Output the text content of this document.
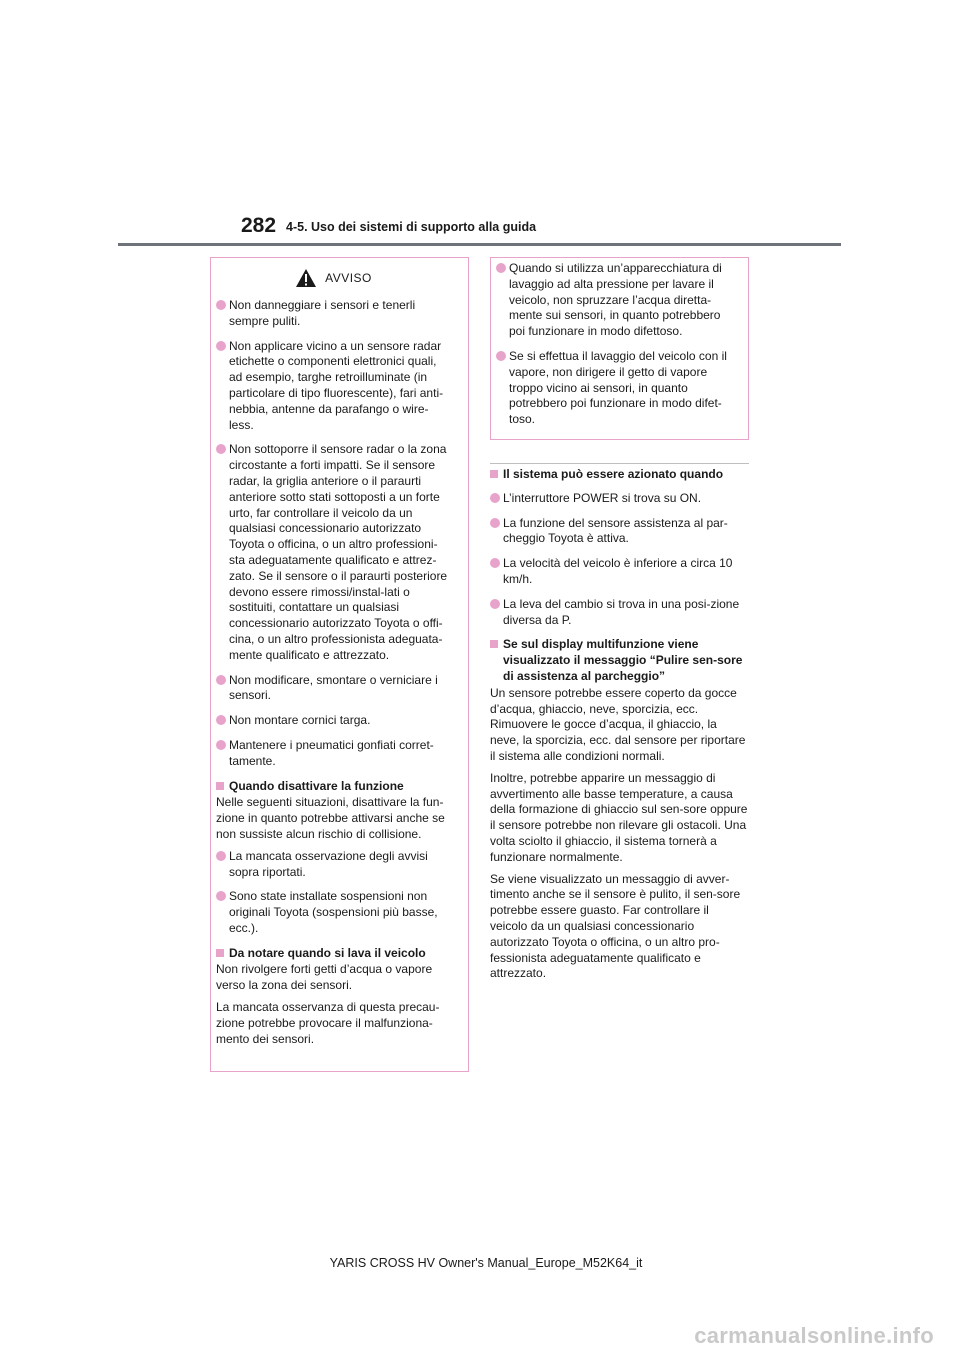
282 4-5. Uso dei sistemi di supporto alla guida
AVVISO
Non danneggiare i sensori e tenerli sempre puliti.
Non applicare vicino a un sensore radar etichette o componenti elettronici quali, ad esempio, targhe retroilluminate (in particolare di tipo fluorescente), fari anti-nebbia, antenne da parafango o wire-less.
Non sottoporre il sensore radar o la zona circostante a forti impatti. Se il sensore radar, la griglia anteriore o il paraurti anteriore sotto stati sottoposti a un forte urto, far controllare il veicolo da un qualsiasi concessionario autorizzato Toyota o officina, o un altro professioni-sta adeguatamente qualificato e attrez-zato. Se il sensore o il paraurti posteriore devono essere rimossi/instal-lati o sostituiti, contattare un qualsiasi concessionario autorizzato Toyota o offi-cina, o un altro professionista adeguata-mente qualificato e attrezzato.
Non modificare, smontare o verniciare i sensori.
Non montare cornici targa.
Mantenere i pneumatici gonfiati corret-tamente.
Quando disattivare la funzione
Nelle seguenti situazioni, disattivare la fun-zione in quanto potrebbe attivarsi anche se non sussiste alcun rischio di collisione.
La mancata osservazione degli avvisi sopra riportati.
Sono state installate sospensioni non originali Toyota (sospensioni più basse, ecc.).
Da notare quando si lava il veicolo
Non rivolgere forti getti d’acqua o vapore verso la zona dei sensori.
La mancata osservanza di questa precau-zione potrebbe provocare il malfunziona-mento dei sensori.
Quando si utilizza un’apparecchiatura di lavaggio ad alta pressione per lavare il veicolo, non spruzzare l’acqua diretta-mente sui sensori, in quanto potrebbero poi funzionare in modo difettoso.
Se si effettua il lavaggio del veicolo con il vapore, non dirigere il getto di vapore troppo vicino ai sensori, in quanto potrebbero poi funzionare in modo difet-toso.
Il sistema può essere azionato quando
L’interruttore POWER si trova su ON.
La funzione del sensore assistenza al par-cheggio Toyota è attiva.
La velocità del veicolo è inferiore a circa 10 km/h.
La leva del cambio si trova in una posi-zione diversa da P.
Se sul display multifunzione viene visualizzato il messaggio “Pulire sen-sore di assistenza al parcheggio”
Un sensore potrebbe essere coperto da gocce d’acqua, ghiaccio, neve, sporcizia, ecc. Rimuovere le gocce d’acqua, il ghiaccio, la neve, la sporcizia, ecc. dal sensore per riportare il sistema alle condizioni normali.
Inoltre, potrebbe apparire un messaggio di avvertimento alle basse temperature, a causa della formazione di ghiaccio sul sen-sore oppure il sensore potrebbe non rilevare gli ostacoli. Una volta sciolto il ghiaccio, il sistema tornerà a funzionare normalmente.
Se viene visualizzato un messaggio di avver-timento anche se il sensore è pulito, il sen-sore potrebbe essere guasto. Far controllare il veicolo da un qualsiasi concessionario autorizzato Toyota o officina, o un altro pro-fessionista adeguatamente qualificato e attrezzato.
YARIS CROSS HV Owner's Manual_Europe_M52K64_it
carmanualsonline.info
